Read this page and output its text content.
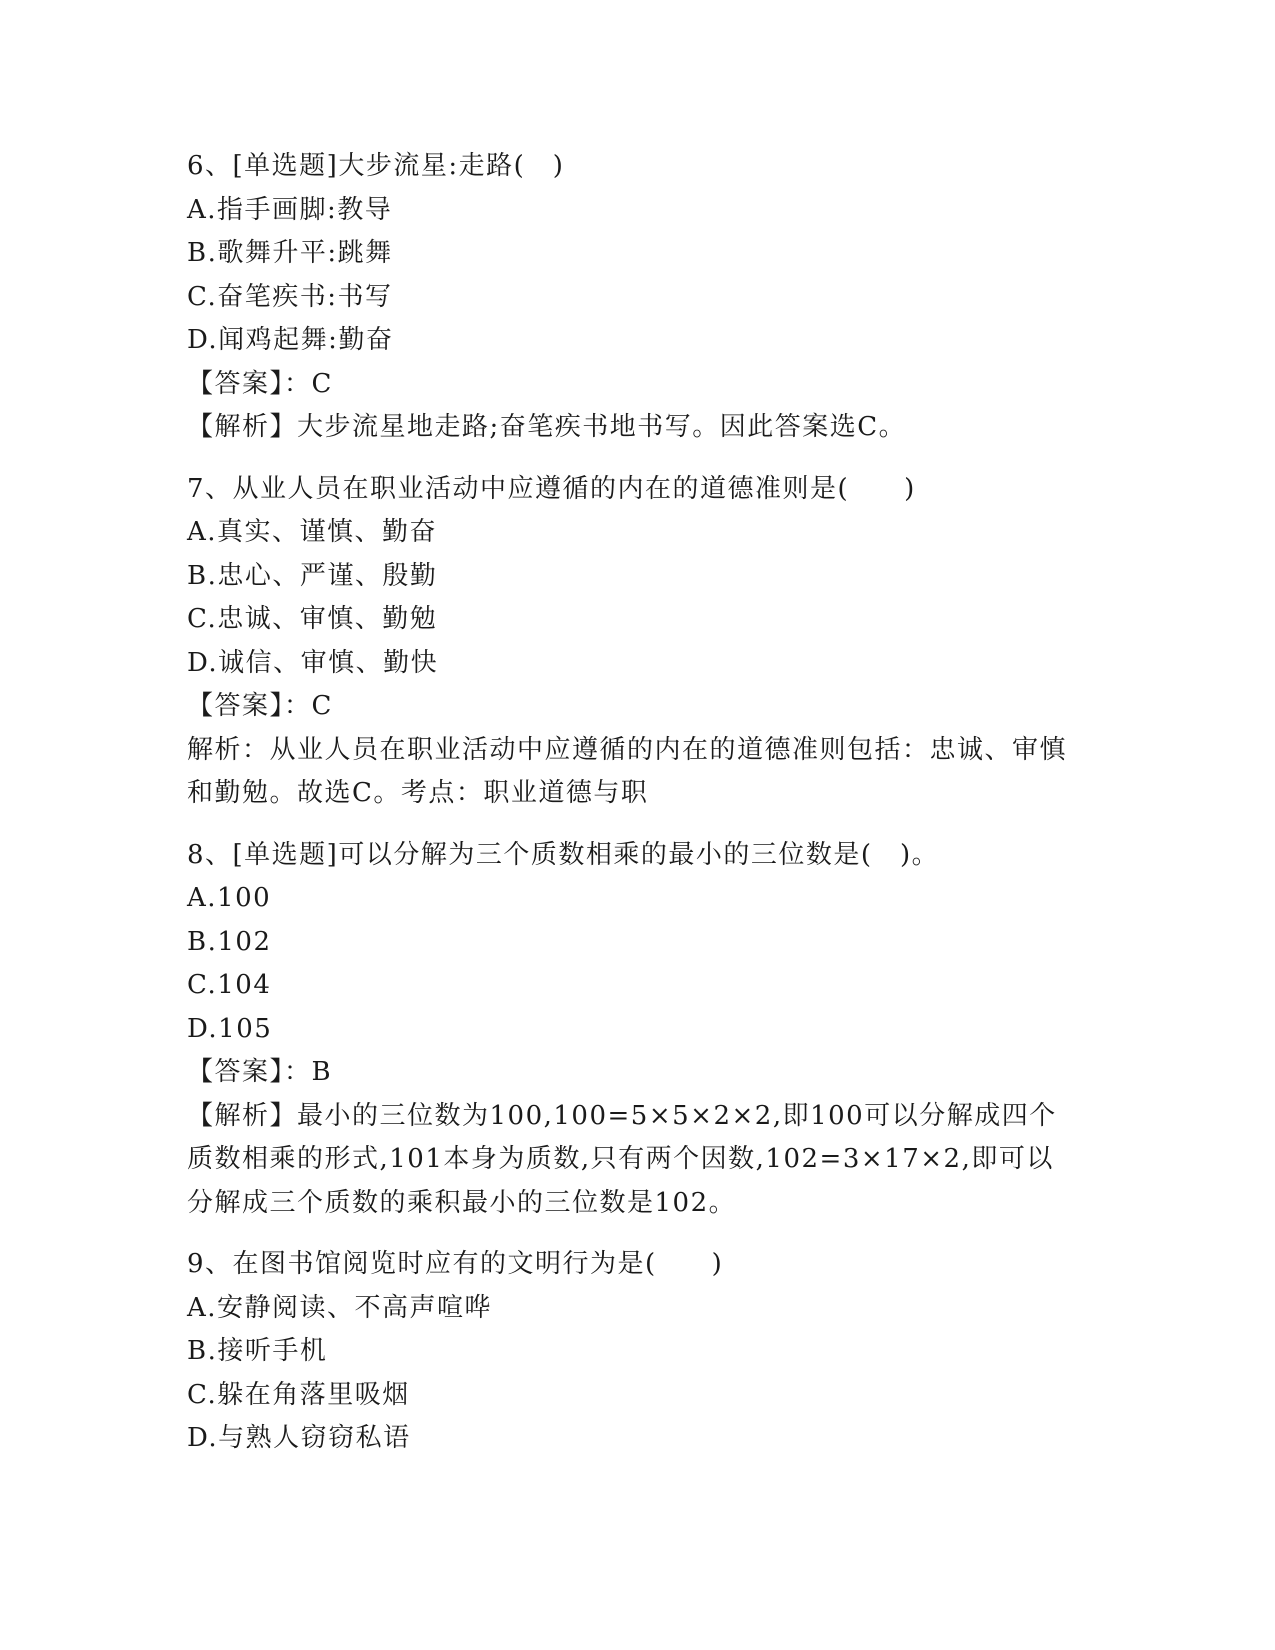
6、[单选题]大步流星:走路(　)
A.指手画脚:教导
B.歌舞升平:跳舞
C.奋笔疾书:书写
D.闻鸡起舞:勤奋
【答案】：C
【解析】大步流星地走路;奋笔疾书地书写。因此答案选C。
7、从业人员在职业活动中应遵循的内在的道德准则是(　　)
A.真实、谨慎、勤奋
B.忠心、严谨、殷勤
C.忠诚、审慎、勤勉
D.诚信、审慎、勤快
【答案】：C
解析：从业人员在职业活动中应遵循的内在的道德准则包括：忠诚、审慎和勤勉。故选C。考点：职业道德与职
8、[单选题]可以分解为三个质数相乘的最小的三位数是(　)。
A.100
B.102
C.104
D.105
【答案】：B
【解析】最小的三位数为100,100=5×5×2×2,即100可以分解成四个质数相乘的形式,101本身为质数,只有两个因数,102=3×17×2,即可以分解成三个质数的乘积最小的三位数是102。
9、在图书馆阅览时应有的文明行为是(　　)
A.安静阅读、不高声喧哗
B.接听手机
C.躲在角落里吸烟
D.与熟人窃窃私语
